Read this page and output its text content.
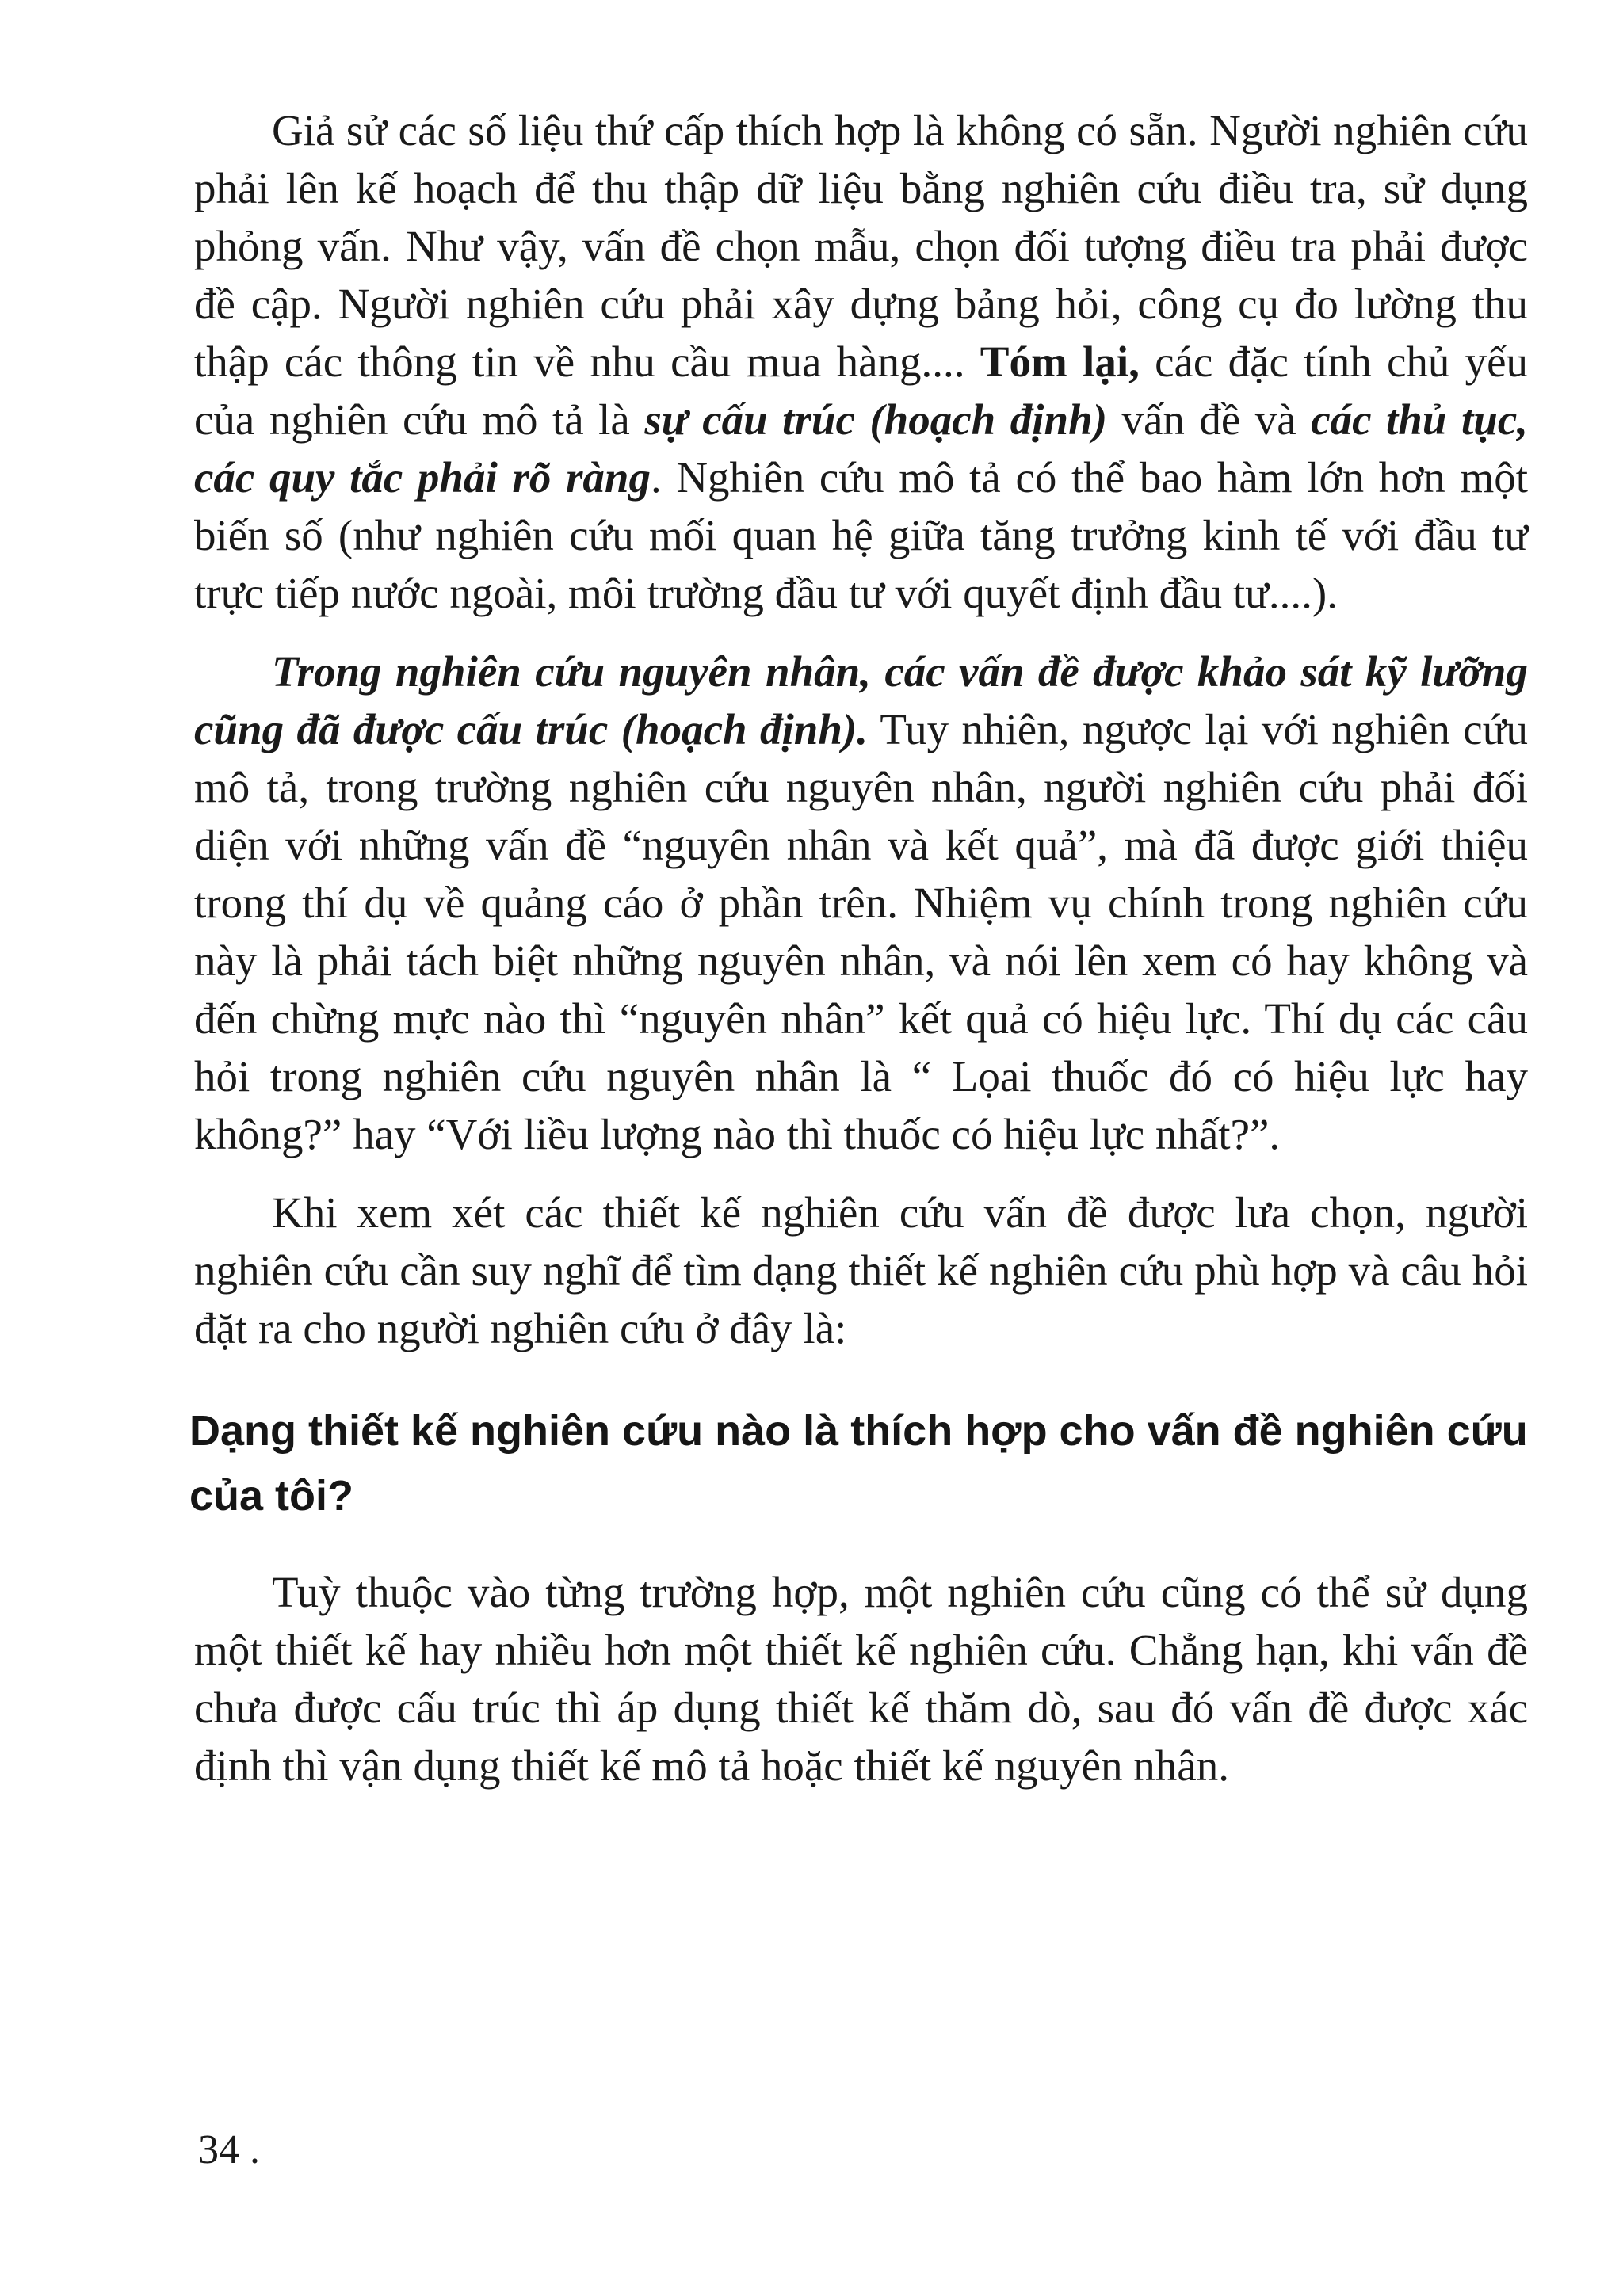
Giả sử các số liệu thứ cấp thích hợp là không có sẵn. Người nghiên cứu phải lên kế hoạch để thu thập dữ liệu bằng nghiên cứu điều tra, sử dụng phỏng vấn. Như vậy, vấn đề chọn mẫu, chọn đối tượng điều tra phải được đề cập. Người nghiên cứu phải xây dựng bảng hỏi, công cụ đo lường thu thập các thông tin về nhu cầu mua hàng.... Tóm lại, các đặc tính chủ yếu của nghiên cứu mô tả là sự cấu trúc (hoạch định) vấn đề và các thủ tục, các quy tắc phải rõ ràng. Nghiên cứu mô tả có thể bao hàm lớn hơn một biến số (như nghiên cứu mối quan hệ giữa tăng trưởng kinh tế với đầu tư trực tiếp nước ngoài, môi trường đầu tư với quyết định đầu tư....).

Trong nghiên cứu nguyên nhân, các vấn đề được khảo sát kỹ lưỡng cũng đã được cấu trúc (hoạch định). Tuy nhiên, ngược lại với nghiên cứu mô tả, trong trường nghiên cứu nguyên nhân, người nghiên cứu phải đối diện với những vấn đề “nguyên nhân và kết quả”, mà đã được giới thiệu trong thí dụ về quảng cáo ở phần trên. Nhiệm vụ chính trong nghiên cứu này là phải tách biệt những nguyên nhân, và nói lên xem có hay không và đến chừng mực nào thì “nguyên nhân” kết quả có hiệu lực. Thí dụ các câu hỏi trong nghiên cứu nguyên nhân là “ Lọai thuốc đó có hiệu lực hay không?” hay “Với liều lượng nào thì thuốc có hiệu lực nhất?”.

Khi xem xét các thiết kế nghiên cứu vấn đề được lưa chọn, người nghiên cứu cần suy nghĩ để tìm dạng thiết kế nghiên cứu phù hợp và câu hỏi đặt ra cho người nghiên cứu ở đây là:

Dạng thiết kế nghiên cứu nào là thích hợp cho vấn đề nghiên cứu của tôi?

Tuỳ thuộc vào từng trường hợp, một nghiên cứu cũng có thể sử dụng một thiết kế hay nhiều hơn một thiết kế nghiên cứu. Chẳng hạn, khi vấn đề chưa được cấu trúc thì áp dụng thiết kế thăm dò, sau đó vấn đề được xác định thì vận dụng thiết kế mô tả hoặc thiết kế nguyên nhân.

34 .
